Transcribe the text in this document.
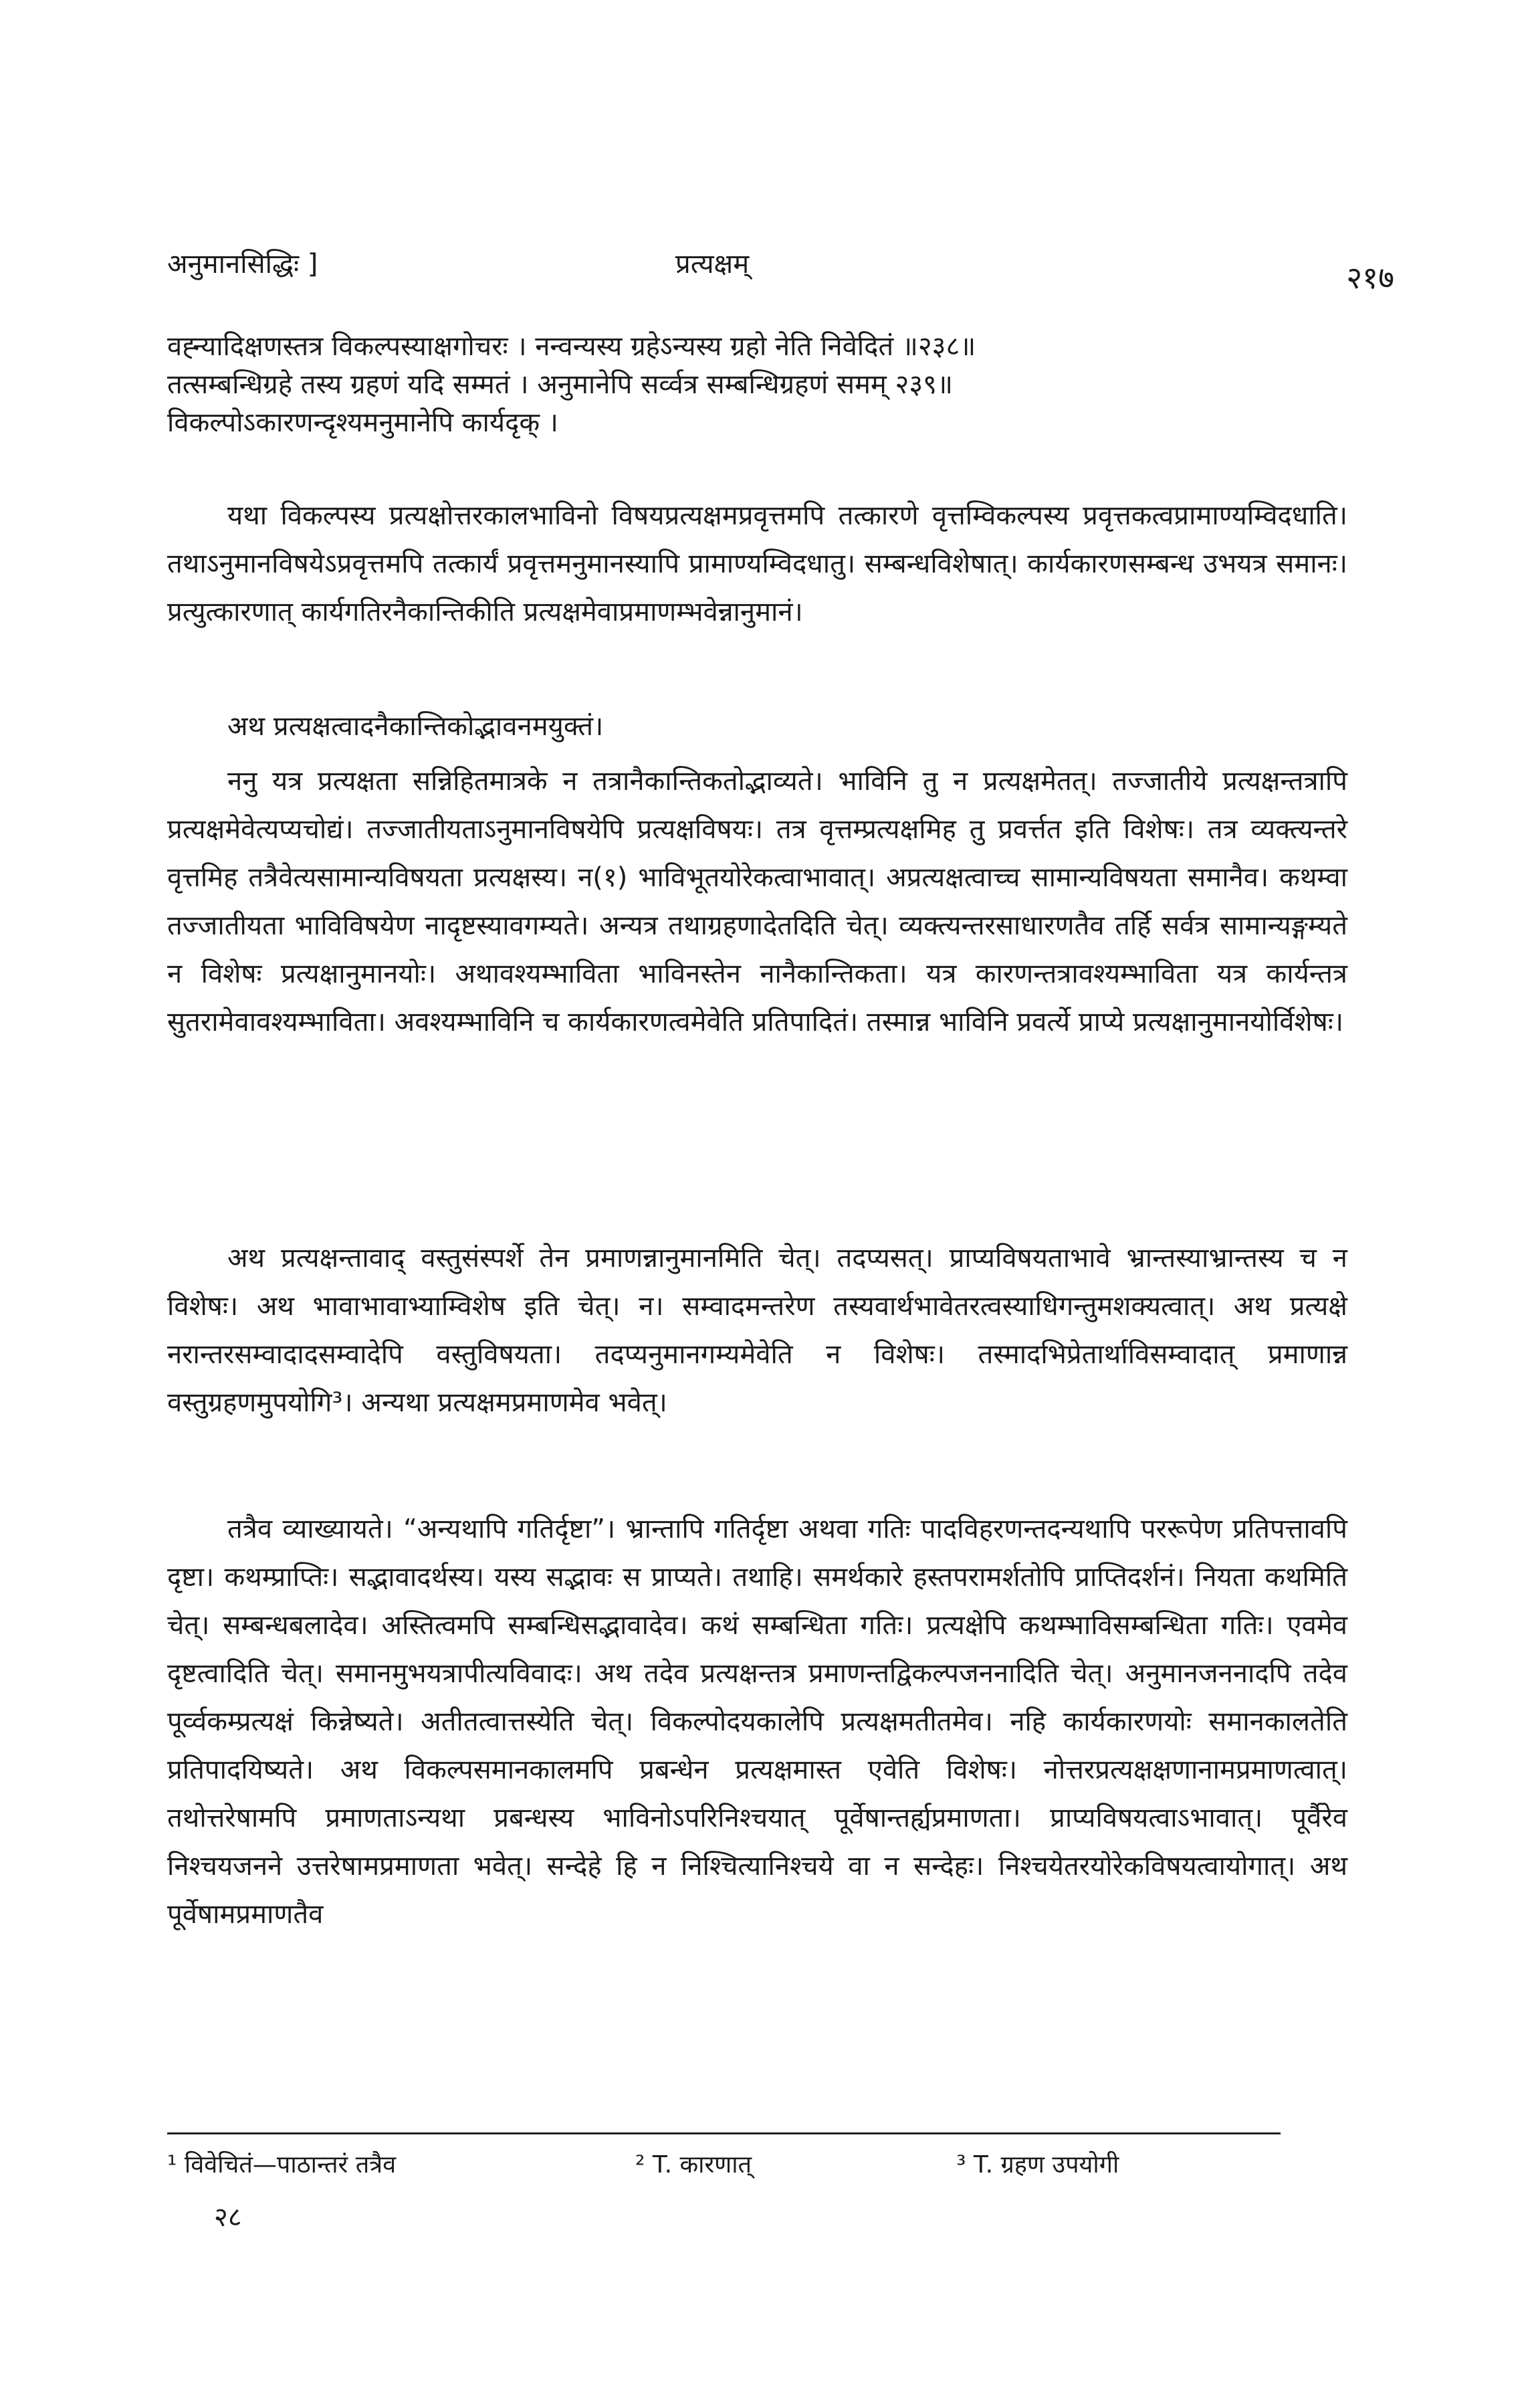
अनुमानसिद्धिः ]	प्रत्यक्षम्	२१७
वह्न्यादिक्षणस्तत्र विकल्पस्याक्षगोचरः । नन्वन्यस्य ग्रहेऽन्यस्य ग्रहो नेति निवेदितं ॥२३८॥
तत्सम्बन्धिग्रहे तस्य ग्रहणं यदि सम्मतं । अनुमानेपि सर्व्वत्र सम्बन्धिग्रहणं समम् २३९॥
विकल्पोऽकारणन्दृश्यमनुमानेपि कार्यदृक् ।

यथा विकल्पस्य प्रत्यक्षोत्तरकालभाविनो विषयप्रत्यक्षमप्रवृत्तमपि तत्कारणे वृत्तम्विकल्पस्य प्रवृत्तकत्वप्रामाण्यम्विदधाति। तथाऽनुमानविषयेऽप्रवृत्तमपि तत्कार्यं प्रवृत्तमनुमानस्यापि प्रामाण्यम्विदधातु। सम्बन्धविशेषात्। कार्यकारणसम्बन्ध उभयत्र समानः। प्रत्युत्कारणात् कार्यगतिरनैकान्तिकीति प्रत्यक्षमेवाप्रमाणम्भवेन्नानुमानं।

अथ प्रत्यक्षत्वादनैकान्तिकोद्भावनमयुक्तं।

ननु यत्र प्रत्यक्षता सन्निहितमात्रके न तत्रानैकान्तिकतोद्भाव्यते। भाविनि तु न प्रत्यक्षमेतत्। तज्जातीये प्रत्यक्षन्तत्रापि प्रत्यक्षमेवेत्यप्यचोद्यं। तज्जातीयताऽनुमानविषयेपि प्रत्यक्षविषयः। तत्र वृत्तम्प्रत्यक्षमिह तु प्रवर्त्तत इति विशेषः। तत्र व्यक्त्यन्तरे वृत्तमिह तत्रैवेत्यसामान्यविषयता प्रत्यक्षस्य। न(१) भाविभूतयोरेकत्वाभावात्। अप्रत्यक्षत्वाच्च सामान्यविषयता समानैव। कथम्वा तज्जातीयता भाविविषयेण नादृष्टस्यावगम्यते। अन्यत्र तथाग्रहणादेतदिति चेत्। व्यक्त्यन्तरसाधारणतैव तर्हि सर्वत्र सामान्यङ्गम्यते न विशेषः प्रत्यक्षानुमानयोः। अथावश्यम्भाविता भाविनस्तेन नानैकान्तिकता। यत्र कारणन्तत्रावश्यम्भाविता यत्र कार्यन्तत्र सुतरामेवावश्यम्भाविता। अवश्यम्भाविनि च कार्यकारणत्वमेवेति प्रतिपादितं। तस्मान्न भाविनि प्रवर्त्ये प्राप्ये प्रत्यक्षानुमानयोर्विशेषः।

अथ प्रत्यक्षन्तावाद् वस्तुसंस्पर्शे तेन प्रमाणन्नानुमानमिति चेत्। तदप्यसत्। प्राप्यविषयताभावे भ्रान्तस्याभ्रान्तस्य च न विशेषः। अथ भावाभावाभ्याम्विशेष इति चेत्। न। सम्वादमन्तरेण तस्यवार्थभावेतरत्वस्याधिगन्तुमशक्यत्वात्। अथ प्रत्यक्षे नरान्तरसम्वादादसम्वादेपि वस्तुविषयता। तदप्यनुमानगम्यमेवेति न विशेषः। तस्मादभिप्रेतार्थाविसम्वादात् प्रमाणान्न वस्तुग्रहणमुपयोगि³। अन्यथा प्रत्यक्षमप्रमाणमेव भवेत्।

तत्रैव व्याख्यायते। “अन्यथापि गतिर्दृष्टा”। भ्रान्तापि गतिर्दृष्टा अथवा गतिः पादविहरणन्तदन्यथापि पररूपेण प्रतिपत्तावपि दृष्टा। कथम्प्राप्तिः। सद्भावादर्थस्य। यस्य सद्भावः स प्राप्यते। तथाहि। समर्थकारे हस्तपरामर्शतोपि प्राप्तिदर्शनं। नियता कथमिति चेत्। सम्बन्धबलादेव। अस्तित्वमपि सम्बन्धिसद्भावादेव। कथं सम्बन्धिता गतिः। प्रत्यक्षेपि कथम्भाविसम्बन्धिता गतिः। एवमेव दृष्टत्वादिति चेत्। समानमुभयत्रापीत्यविवादः। अथ तदेव प्रत्यक्षन्तत्र प्रमाणन्तद्विकल्पजननादिति चेत्। अनुमानजननादपि तदेव पूर्व्वकम्प्रत्यक्षं किन्नेष्यते। अतीतत्वात्तस्येति चेत्। विकल्पोदयकालेपि प्रत्यक्षमतीतमेव। नहि कार्यकारणयोः समानकालतेति प्रतिपादयिष्यते। अथ विकल्पसमानकालमपि प्रबन्धेन प्रत्यक्षमास्त एवेति विशेषः। नोत्तरप्रत्यक्षक्षणानामप्रमाणत्वात्। तथोत्तरेषामपि प्रमाणताऽन्यथा प्रबन्धस्य भाविनोऽपरिनिश्चयात् पूर्वेषान्तर्ह्यप्रमाणता। प्राप्यविषयत्वाऽभावात्। पूर्वैरेव निश्चयजनने उत्तरेषामप्रमाणता भवेत्। सन्देहे हि न निश्चित्यानिश्चये वा न सन्देहः। निश्चयेतरयोरेकविषयत्वायोगात्। अथ पूर्वेषामप्रमाणतैव

¹ विवेचितं—पाठान्तरं तत्रैव	² T. कारणात्	³ T. ग्रहण उपयोगी
२८
